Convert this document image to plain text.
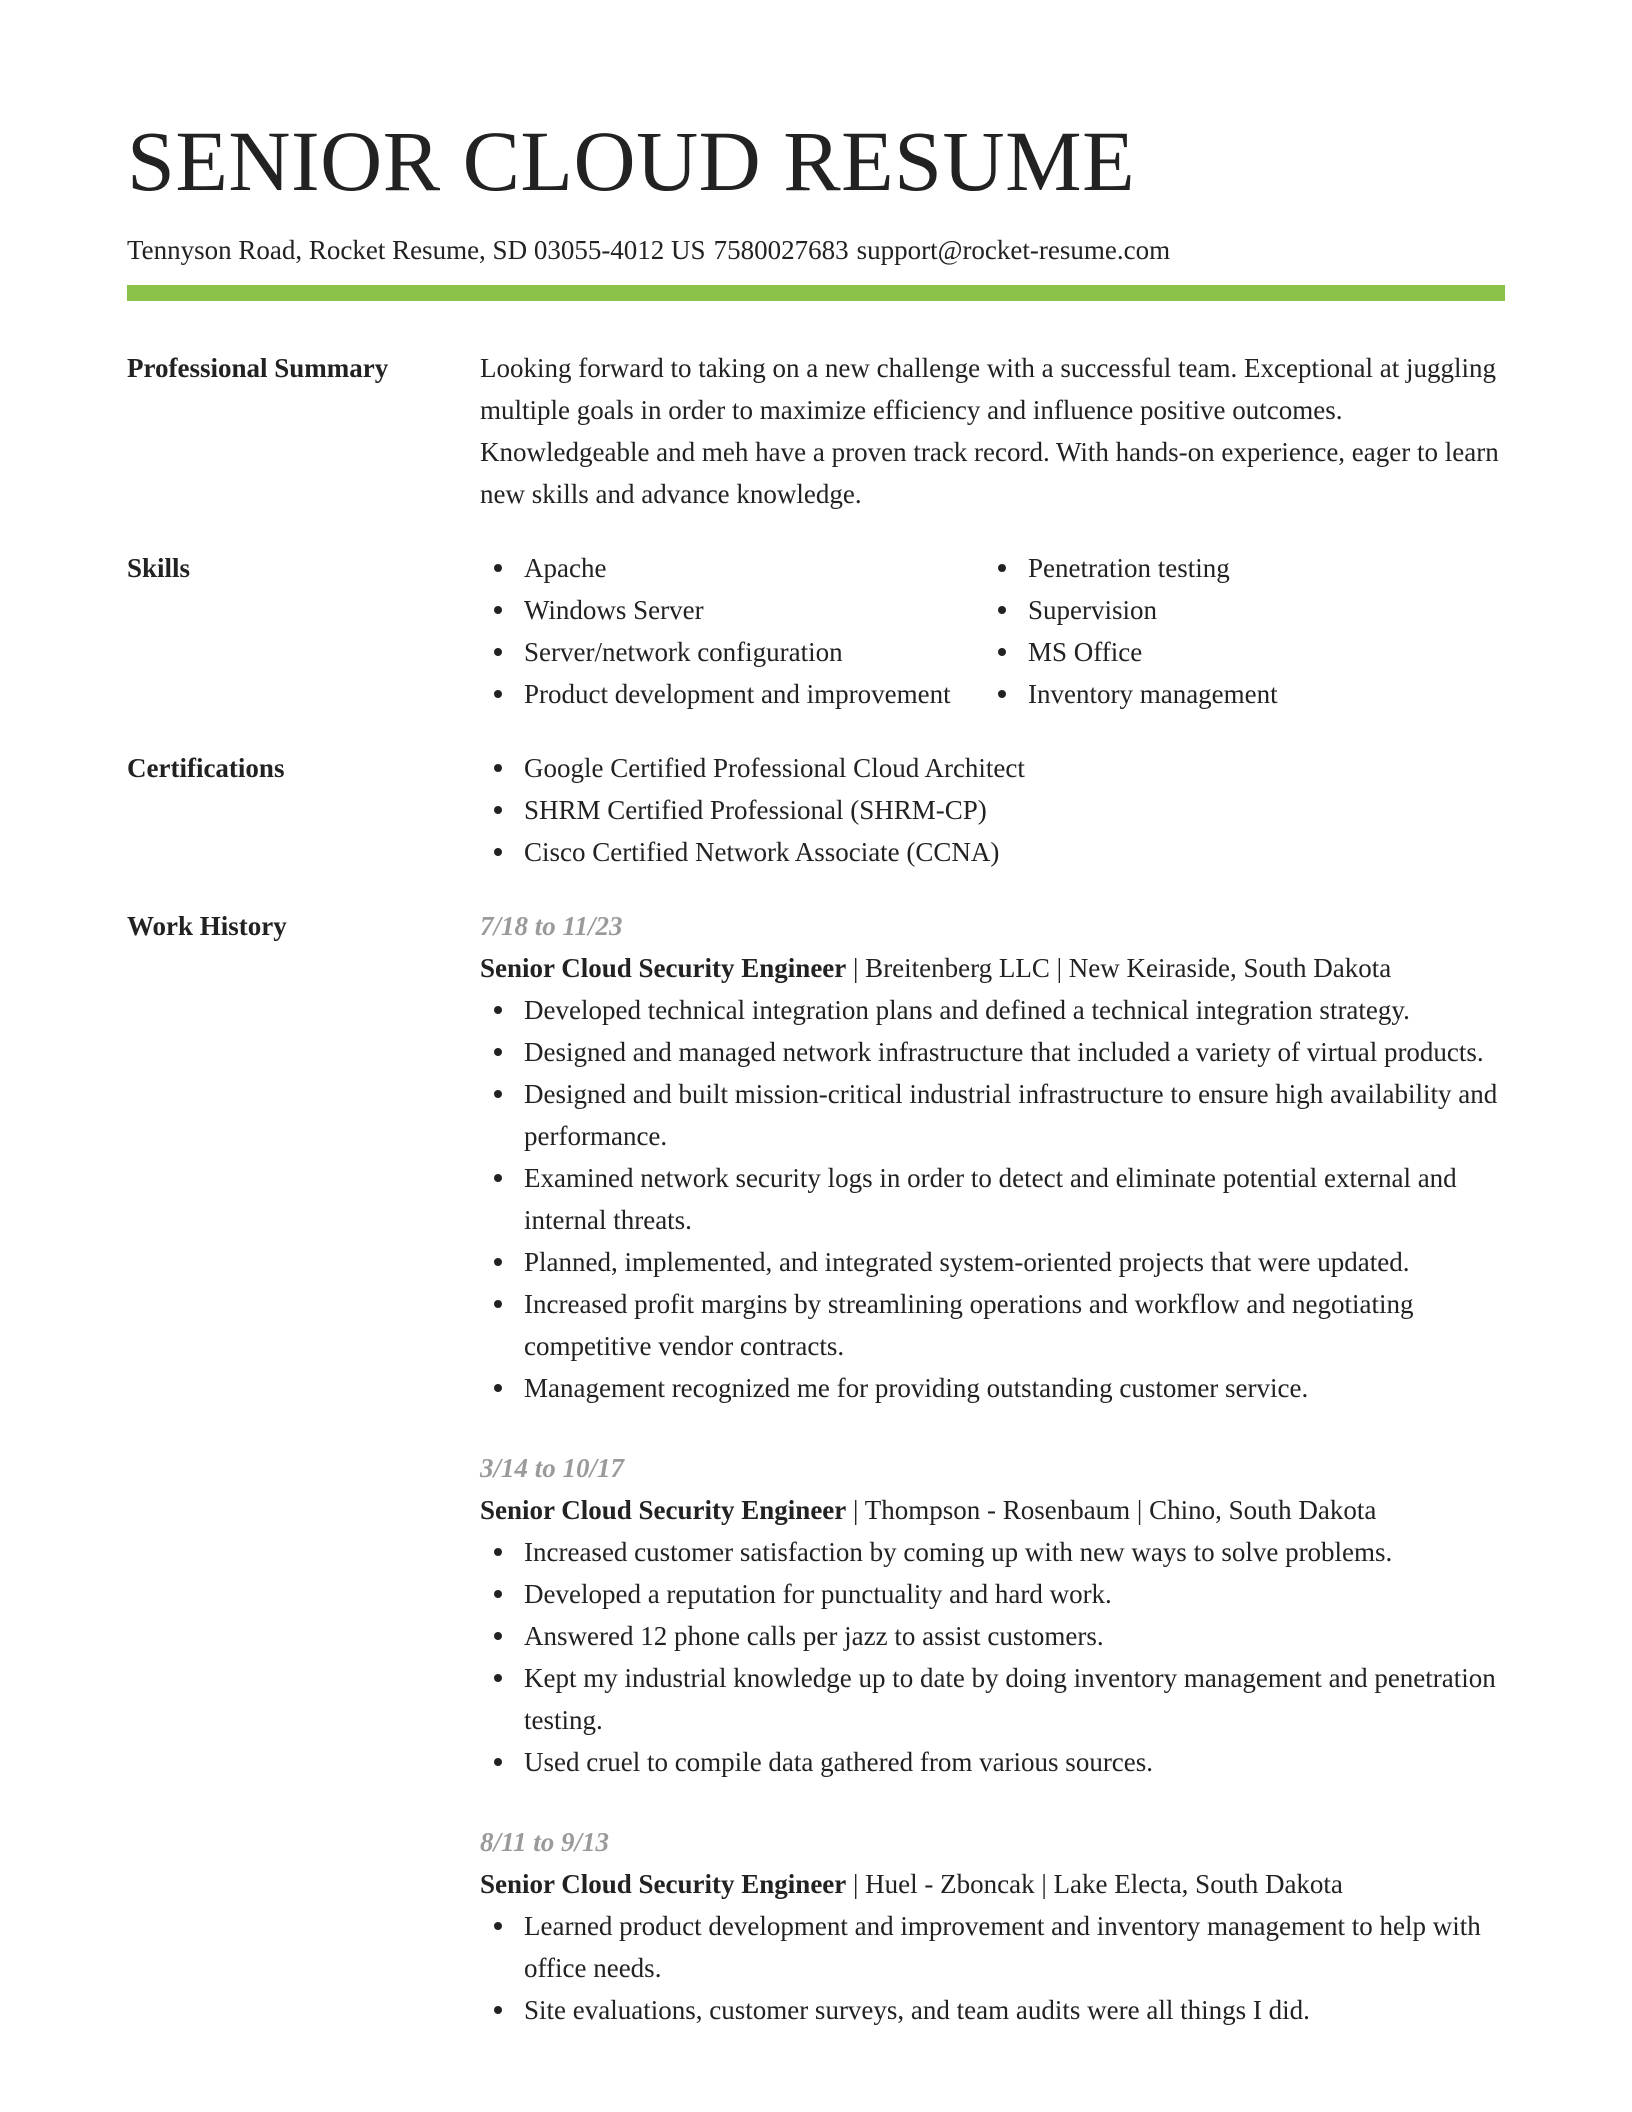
SENIOR CLOUD RESUME
Tennyson Road, Rocket Resume, SD 03055-4012 US 7580027683 support@rocket-resume.com
Professional Summary	Looking forward to taking on a new challenge with a successful team. Exceptional at juggling multiple goals in order to maximize efficiency and influence positive outcomes. Knowledgeable and meh have a proven track record. With hands-on experience, eager to learn new skills and advance knowledge.

Skills	Apache
Windows Server
Server/network configuration
Product development and improvement
Penetration testing
Supervision
MS Office
Inventory management
Certifications	Google Certified Professional Cloud Architect
SHRM Certified Professional (SHRM-CP)
Cisco Certified Network Associate (CCNA)
Work History	7/18 to 11/23
Senior Cloud Security Engineer | Breitenberg LLC | New Keiraside, South Dakota
Developed technical integration plans and defined a technical integration strategy.
Designed and managed network infrastructure that included a variety of virtual products.
Designed and built mission-critical industrial infrastructure to ensure high availability and performance.
Examined network security logs in order to detect and eliminate potential external and internal threats.
Planned, implemented, and integrated system-oriented projects that were updated.
Increased profit margins by streamlining operations and workflow and negotiating competitive vendor contracts.
Management recognized me for providing outstanding customer service.
3/14 to 10/17
Senior Cloud Security Engineer | Thompson - Rosenbaum | Chino, South Dakota
Increased customer satisfaction by coming up with new ways to solve problems.
Developed a reputation for punctuality and hard work.
Answered 12 phone calls per jazz to assist customers.
Kept my industrial knowledge up to date by doing inventory management and penetration testing.
Used cruel to compile data gathered from various sources.
8/11 to 9/13
Senior Cloud Security Engineer | Huel - Zboncak | Lake Electa, South Dakota
Learned product development and improvement and inventory management to help with office needs.
Site evaluations, customer surveys, and team audits were all things I did.
